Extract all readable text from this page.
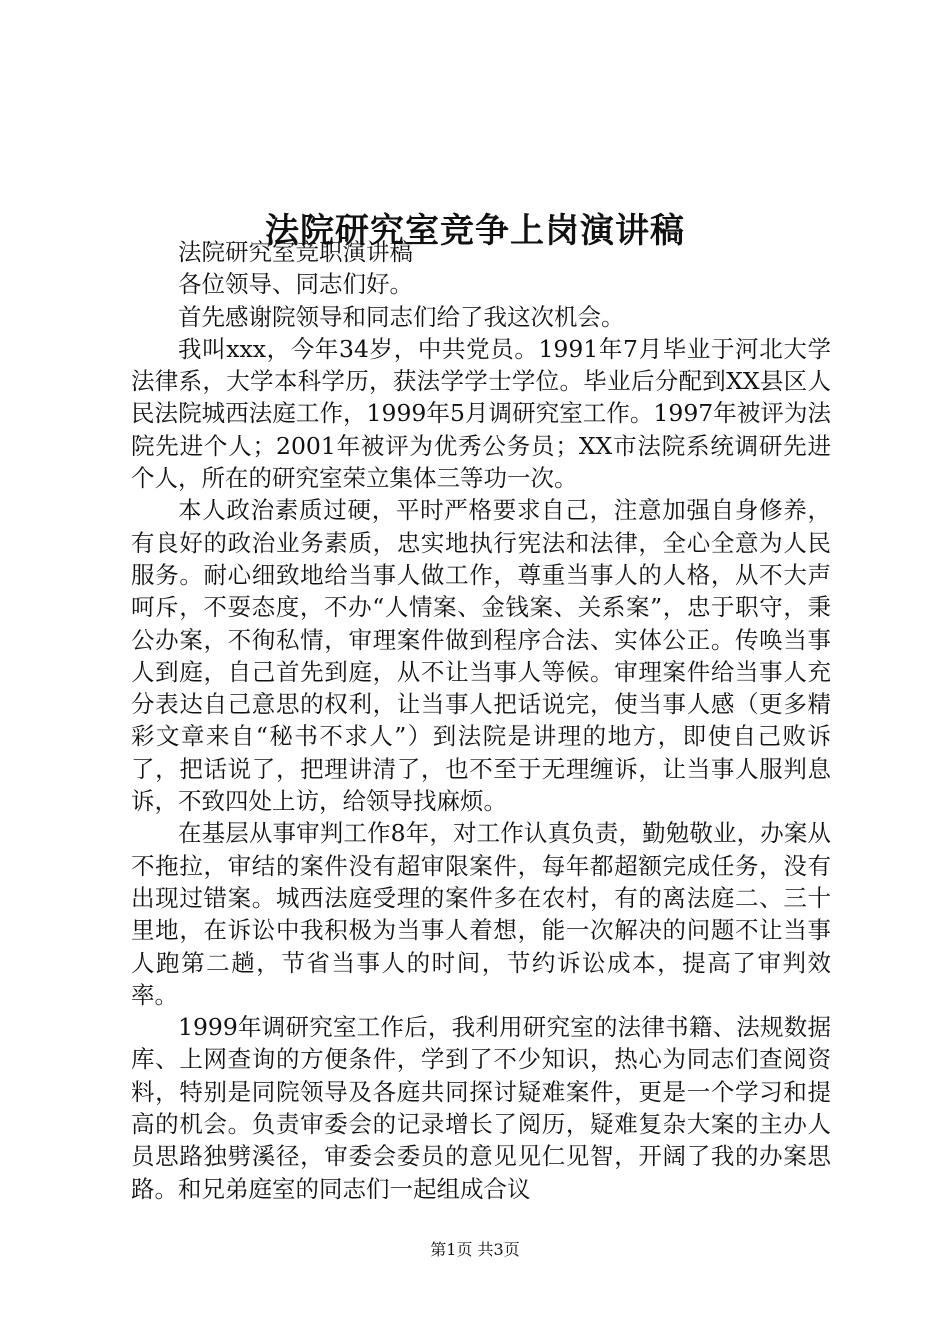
法院研究室竞争上岗演讲稿

法院研究室竞职演讲稿

各位领导、同志们好。

首先感谢院领导和同志们给了我这次机会。

我叫xxx，今年34岁，中共党员。1991年7月毕业于河北大学法律系，大学本科学历，获法学学士学位。毕业后分配到XX县区人民法院城西法庭工作，1999年5月调研究室工作。1997年被评为法院先进个人；2001年被评为优秀公务员；XX市法院系统调研先进个人，所在的研究室荣立集体三等功一次。

本人政治素质过硬，平时严格要求自己，注意加强自身修养，有良好的政治业务素质，忠实地执行宪法和法律，全心全意为人民服务。耐心细致地给当事人做工作，尊重当事人的人格，从不大声呵斥，不耍态度，不办“人情案、金钱案、关系案”，忠于职守，秉公办案，不徇私情，审理案件做到程序合法、实体公正。传唤当事人到庭，自己首先到庭，从不让当事人等候。审理案件给当事人充分表达自己意思的权利，让当事人把话说完，使当事人感（更多精彩文章来自“秘书不求人”）到法院是讲理的地方，即使自己败诉了，把话说了，把理讲清了，也不至于无理缠诉，让当事人服判息诉，不致四处上访，给领导找麻烦。

在基层从事审判工作8年，对工作认真负责，勤勉敬业，办案从不拖拉，审结的案件没有超审限案件，每年都超额完成任务，没有出现过错案。城西法庭受理的案件多在农村，有的离法庭二、三十里地，在诉讼中我积极为当事人着想，能一次解决的问题不让当事人跑第二趟，节省当事人的时间，节约诉讼成本，提高了审判效率。

1999年调研究室工作后，我利用研究室的法律书籍、法规数据库、上网查询的方便条件，学到了不少知识，热心为同志们查阅资料，特别是同院领导及各庭共同探讨疑难案件，更是一个学习和提高的机会。负责审委会的记录增长了阅历，疑难复杂大案的主办人员思路独劈溪径，审委会委员的意见见仁见智，开阔了我的办案思路。和兄弟庭室的同志们一起组成合议

第1页 共3页
